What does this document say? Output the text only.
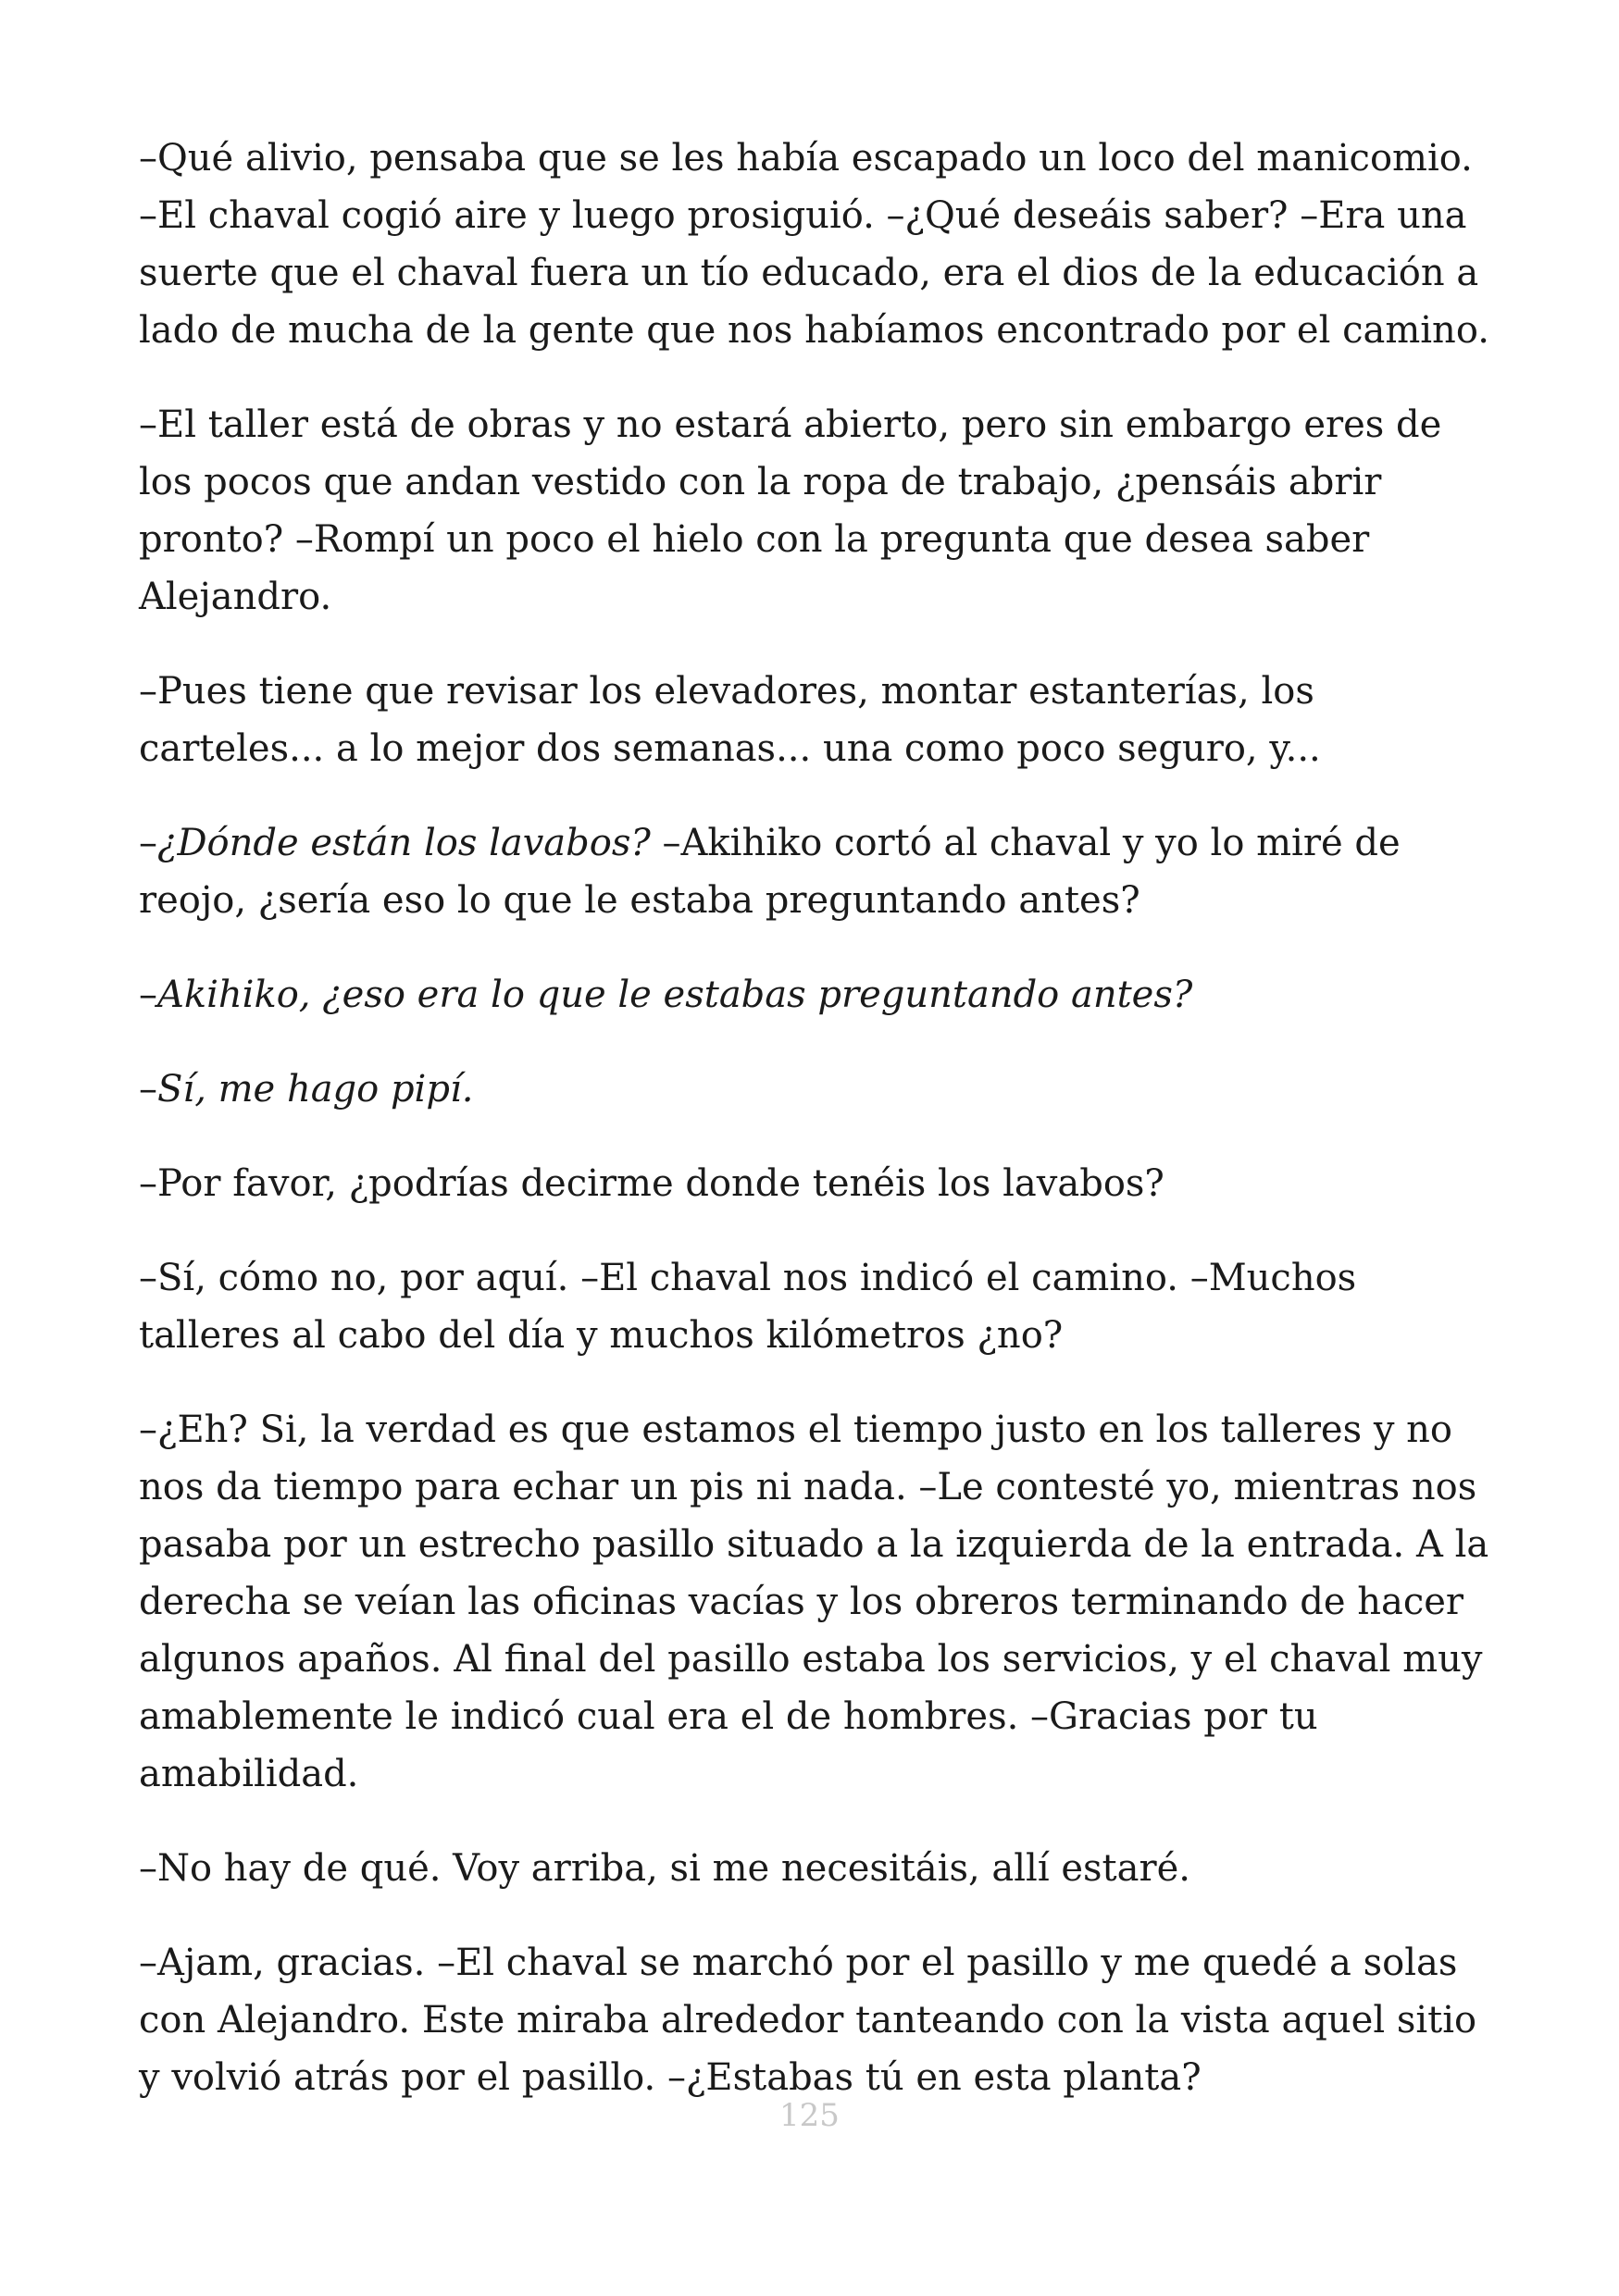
–Qué alivio, pensaba que se les había escapado un loco del manicomio. –El chaval cogió aire y luego prosiguió. –¿Qué deseáis saber? –Era una suerte que el chaval fuera un tío educado, era el dios de la educación a lado de mucha de la gente que nos habíamos encontrado por el camino.

–El taller está de obras y no estará abierto, pero sin embargo eres de los pocos que andan vestido con la ropa de trabajo, ¿pensáis abrir pronto? –Rompí un poco el hielo con la pregunta que desea saber Alejandro.

–Pues tiene que revisar los elevadores, montar estanterías, los carteles... a lo mejor dos semanas... una como poco seguro, y...

–¿Dónde están los lavabos? –Akihiko cortó al chaval y yo lo miré de reojo, ¿sería eso lo que le estaba preguntando antes?

–Akihiko, ¿eso era lo que le estabas preguntando antes?

–Sí, me hago pipí.

–Por favor, ¿podrías decirme donde tenéis los lavabos?

–Sí, cómo no, por aquí. –El chaval nos indicó el camino. –Muchos talleres al cabo del día y muchos kilómetros ¿no?

–¿Eh? Si, la verdad es que estamos el tiempo justo en los talleres y no nos da tiempo para echar un pis ni nada. –Le contesté yo, mientras nos pasaba por un estrecho pasillo situado a la izquierda de la entrada. A la derecha se veían las oficinas vacías y los obreros terminando de hacer algunos apaños. Al final del pasillo estaba los servicios, y el chaval muy amablemente le indicó cual era el de hombres. –Gracias por tu amabilidad.

–No hay de qué. Voy arriba, si me necesitáis, allí estaré.

–Ajam, gracias. –El chaval se marchó por el pasillo y me quedé a solas con Alejandro. Este miraba alrededor tanteando con la vista aquel sitio y volvió atrás por el pasillo. –¿Estabas tú en esta planta?

125
